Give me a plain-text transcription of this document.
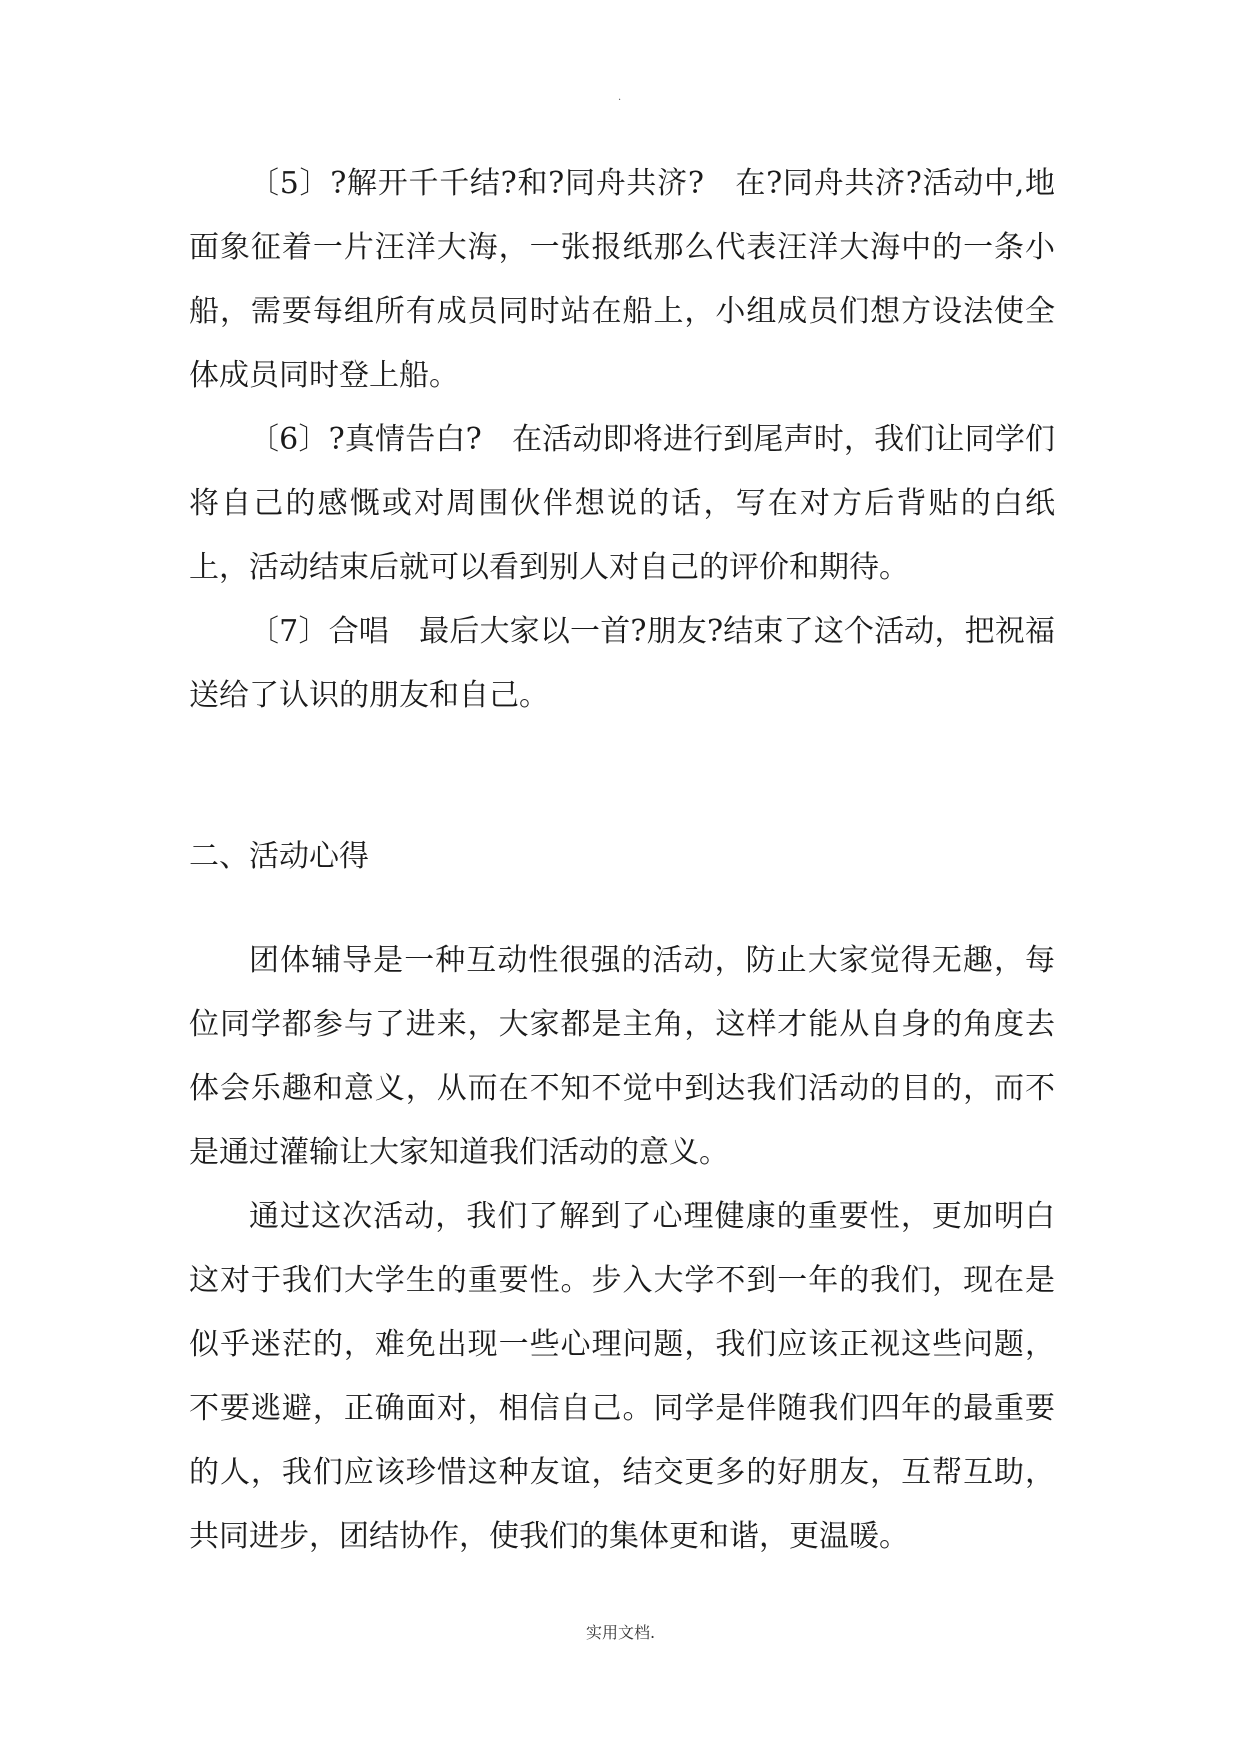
.

〔5〕?解开千千结?和?同舟共济?　在?同舟共济?活动中,地面象征着一片汪洋大海，一张报纸那么代表汪洋大海中的一条小船，需要每组所有成员同时站在船上，小组成员们想方设法使全体成员同时登上船。

〔6〕?真情告白?　在活动即将进行到尾声时，我们让同学们将自己的感慨或对周围伙伴想说的话，写在对方后背贴的白纸上，活动结束后就可以看到别人对自己的评价和期待。

〔7〕合唱　最后大家以一首?朋友?结束了这个活动，把祝福送给了认识的朋友和自己。

二、活动心得

团体辅导是一种互动性很强的活动，防止大家觉得无趣，每位同学都参与了进来，大家都是主角，这样才能从自身的角度去体会乐趣和意义，从而在不知不觉中到达我们活动的目的，而不是通过灌输让大家知道我们活动的意义。

通过这次活动，我们了解到了心理健康的重要性，更加明白这对于我们大学生的重要性。步入大学不到一年的我们，现在是似乎迷茫的，难免出现一些心理问题，我们应该正视这些问题，不要逃避，正确面对，相信自己。同学是伴随我们四年的最重要的人，我们应该珍惜这种友谊，结交更多的好朋友，互帮互助，共同进步，团结协作，使我们的集体更和谐，更温暖。

实用文档.
